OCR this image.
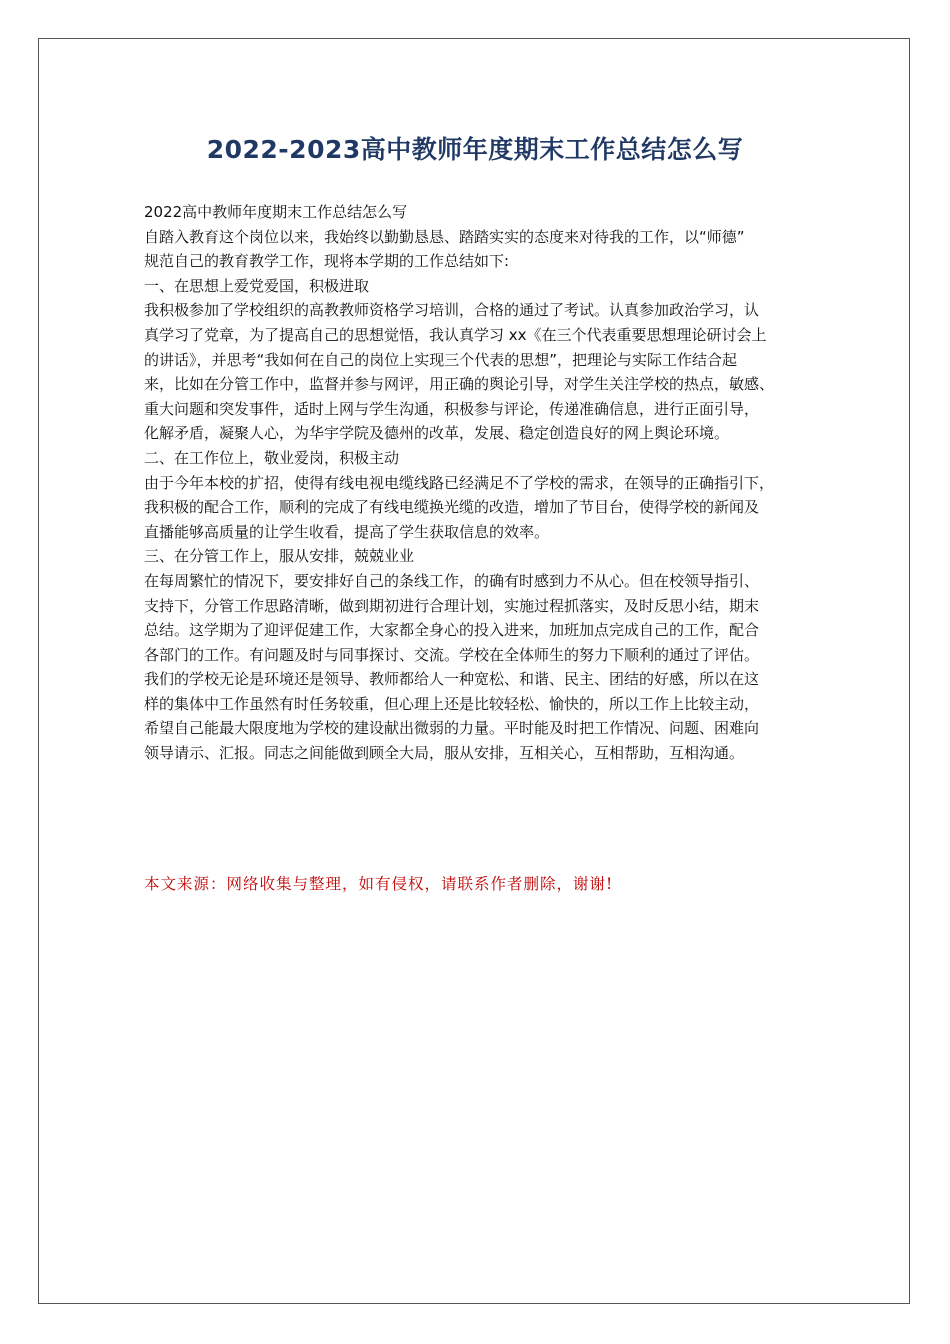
2022-2023高中教师年度期末工作总结怎么写

2022高中教师年度期末工作总结怎么写

自踏入教育这个岗位以来，我始终以勤勤恳恳、踏踏实实的态度来对待我的工作，以“师德”

规范自己的教育教学工作，现将本学期的工作总结如下:

一、在思想上爱党爱国，积极进取

我积极参加了学校组织的高教教师资格学习培训，合格的通过了考试。认真参加政治学习，认

真学习了党章，为了提高自己的思想觉悟，我认真学习 xx《在三个代表重要思想理论研讨会上

的讲话》，并思考“我如何在自己的岗位上实现三个代表的思想”，把理论与实际工作结合起

来，比如在分管工作中，监督并参与网评，用正确的舆论引导，对学生关注学校的热点，敏感、

重大问题和突发事件，适时上网与学生沟通，积极参与评论，传递准确信息，进行正面引导，

化解矛盾，凝聚人心，为华宇学院及德州的改革，发展、稳定创造良好的网上舆论环境。

二、在工作位上，敬业爱岗，积极主动

由于今年本校的扩招，使得有线电视电缆线路已经满足不了学校的需求，在领导的正确指引下，

我积极的配合工作，顺利的完成了有线电缆换光缆的改造，增加了节目台，使得学校的新闻及

直播能够高质量的让学生收看，提高了学生获取信息的效率。

三、在分管工作上，服从安排，兢兢业业

在每周繁忙的情况下，要安排好自己的条线工作，的确有时感到力不从心。但在校领导指引、

支持下，分管工作思路清晰，做到期初进行合理计划，实施过程抓落实，及时反思小结，期末

总结。这学期为了迎评促建工作，大家都全身心的投入进来，加班加点完成自己的工作，配合

各部门的工作。有问题及时与同事探讨、交流。学校在全体师生的努力下顺利的通过了评估。

我们的学校无论是环境还是领导、教师都给人一种宽松、和谐、民主、团结的好感，所以在这

样的集体中工作虽然有时任务较重，但心理上还是比较轻松、愉快的，所以工作上比较主动，

希望自己能最大限度地为学校的建设献出微弱的力量。平时能及时把工作情况、问题、困难向

领导请示、汇报。同志之间能做到顾全大局，服从安排，互相关心，互相帮助，互相沟通。

本文来源：网络收集与整理，如有侵权，请联系作者删除，谢谢!
